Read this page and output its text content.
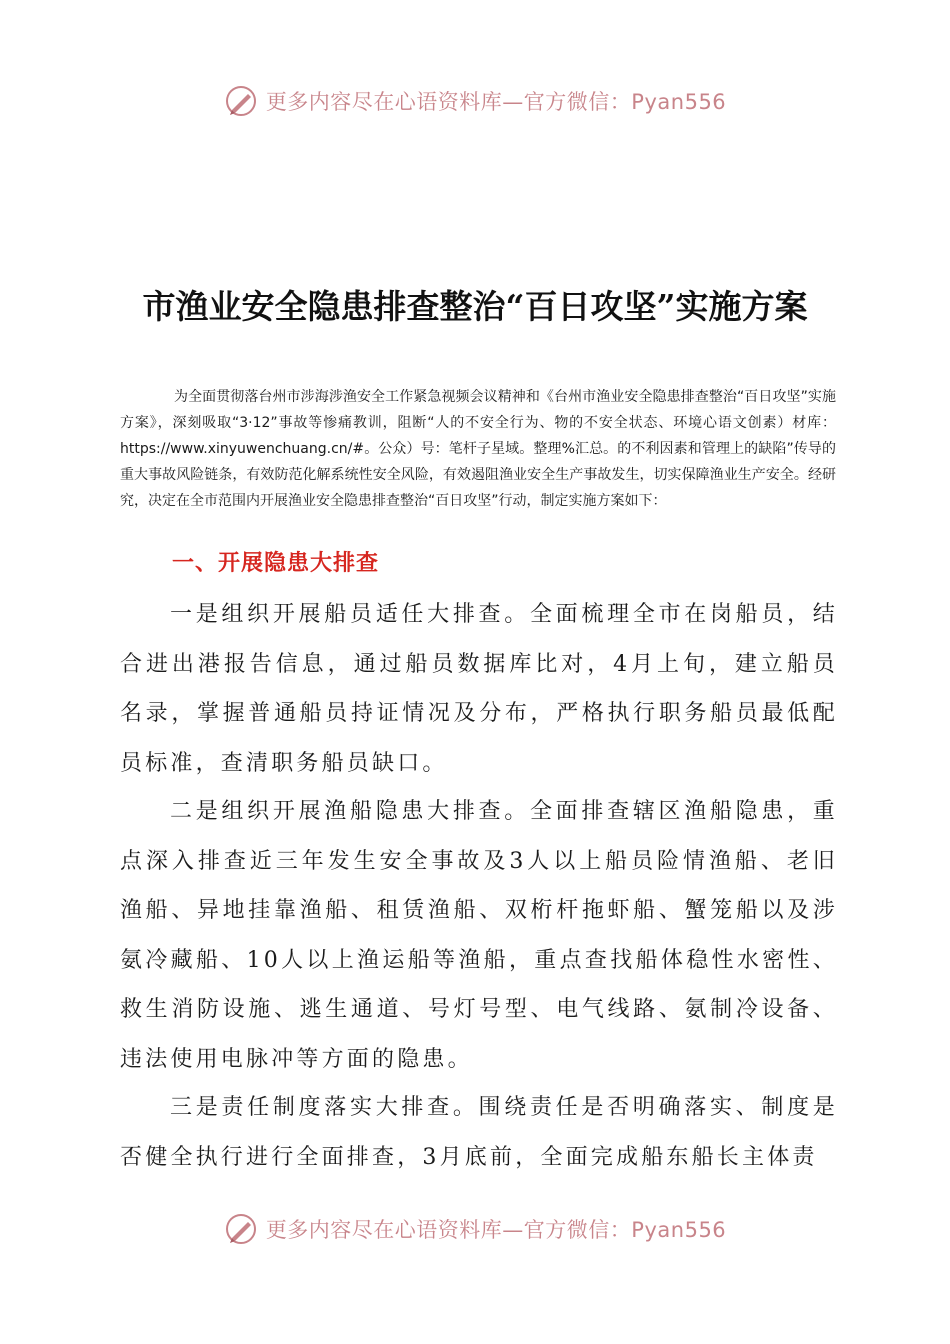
更多内容尽在心语资料库—官方微信：Pyan556
市渔业安全隐患排查整治“百日攻坚”实施方案

为全面贯彻落台州市涉海涉渔安全工作紧急视频会议精神和《台州市渔业安全隐患排查整治“百日攻坚”实施方案》，深刻吸取“3·12”事故等惨痛教训，阻断“人的不安全行为、物的不安全状态、环境心语文创素）材库：https://www.xinyuwenchuang.cn/#。公众）号：笔杆子星域。整理%汇总。的不利因素和管理上的缺陷”传导的重大事故风险链条，有效防范化解系统性安全风险，有效遏阻渔业安全生产事故发生，切实保障渔业生产安全。经研究，决定在全市范围内开展渔业安全隐患排查整治“百日攻坚”行动，制定实施方案如下：

一、开展隐患大排查

一是组织开展船员适任大排查。全面梳理全市在岗船员，结合进出港报告信息，通过船员数据库比对，4月上旬，建立船员名录，掌握普通船员持证情况及分布，严格执行职务船员最低配员标准，查清职务船员缺口。

二是组织开展渔船隐患大排查。全面排查辖区渔船隐患，重点深入排查近三年发生安全事故及3人以上船员险情渔船、老旧渔船、异地挂靠渔船、租赁渔船、双桁杆拖虾船、蟹笼船以及涉氨冷藏船、10人以上渔运船等渔船，重点查找船体稳性水密性、救生消防设施、逃生通道、号灯号型、电气线路、氨制冷设备、违法使用电脉冲等方面的隐患。

三是责任制度落实大排查。围绕责任是否明确落实、制度是否健全执行进行全面排查，3月底前，全面完成船东船长主体责

更多内容尽在心语资料库—官方微信：Pyan556
